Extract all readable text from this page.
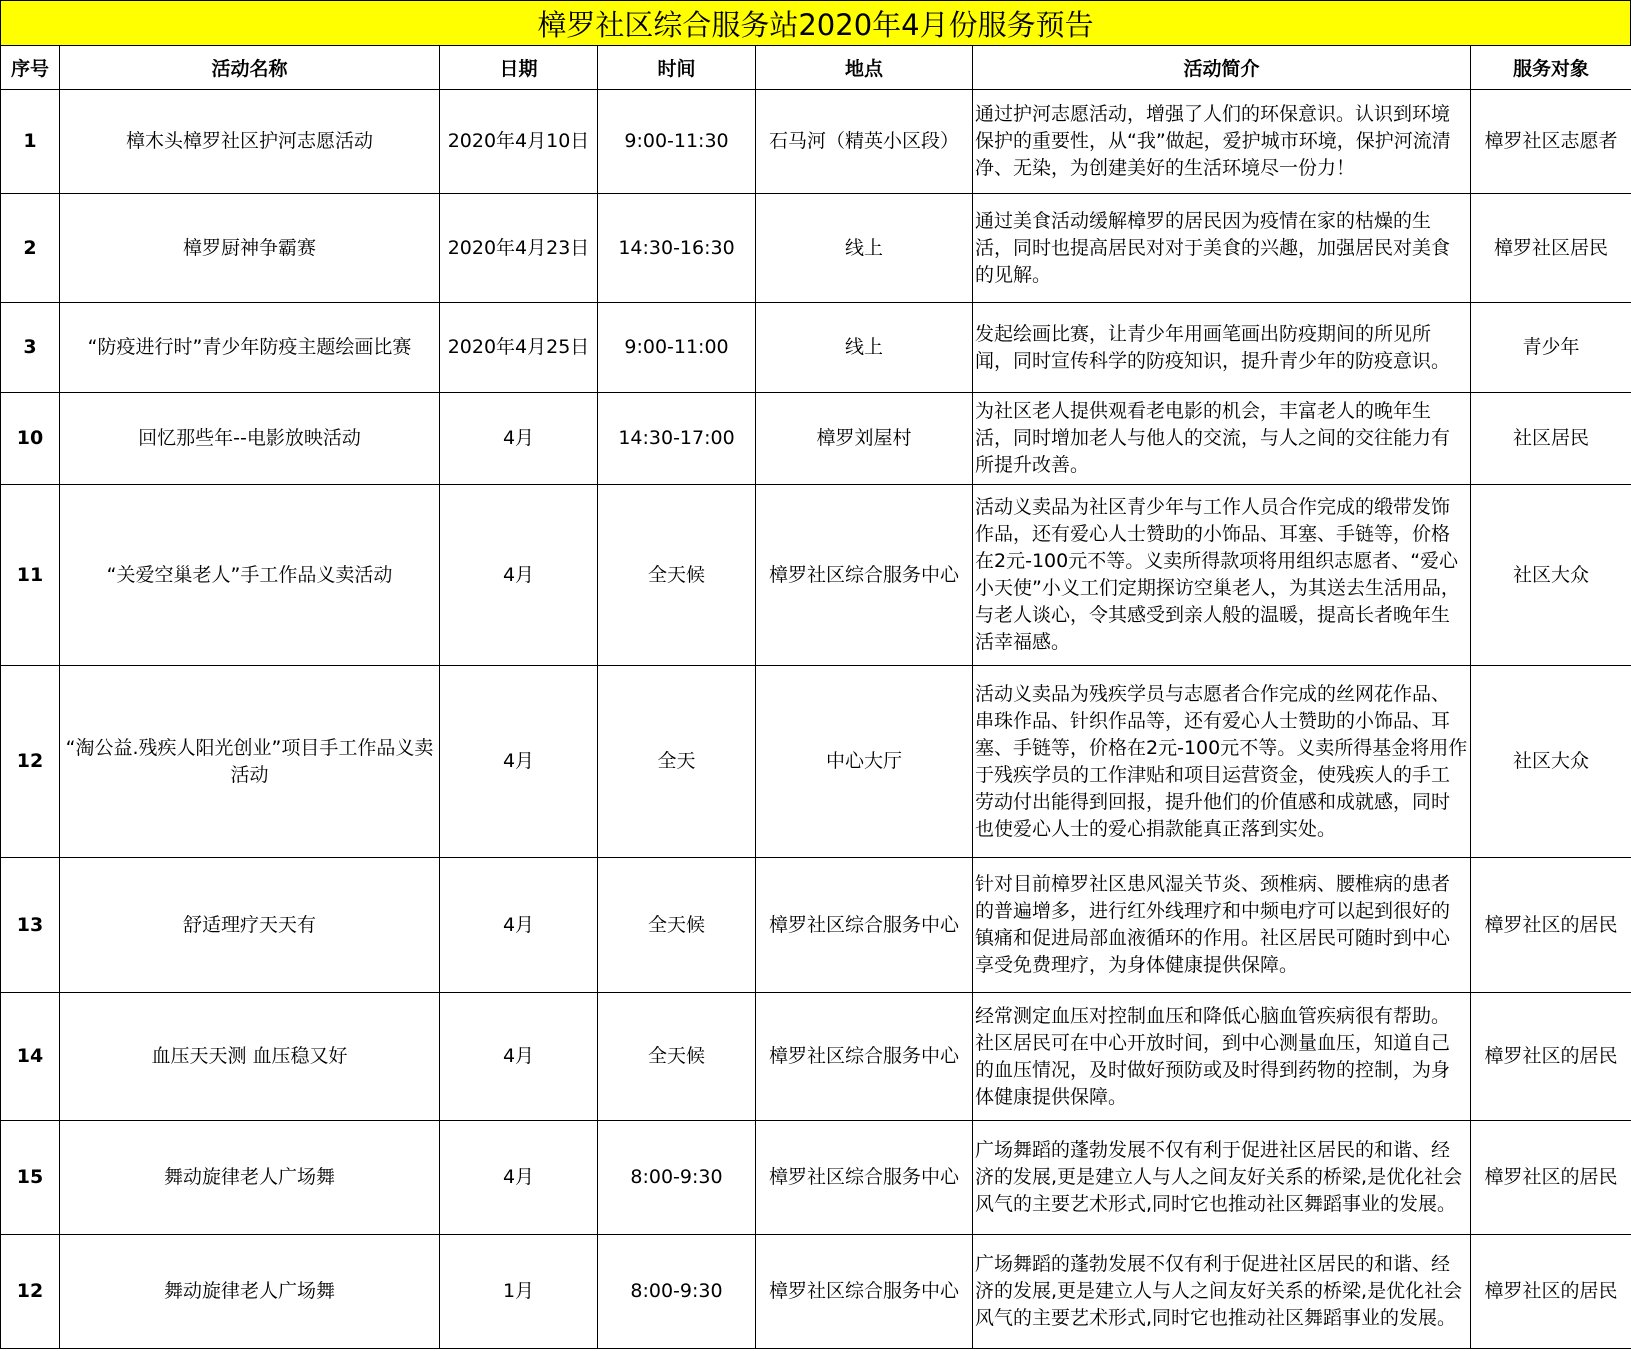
樟罗社区综合服务站2020年4月份服务预告
序号	活动名称	日期	时间	地点	活动简介	服务对象
1	樟木头樟罗社区护河志愿活动	2020年4月10日	9:00-11:30	石马河（精英小区段）	通过护河志愿活动，增强了人们的环保意识。认识到环境保护的重要性，从“我”做起，爱护城市环境，保护河流清净、无染，为创建美好的生活环境尽一份力！	樟罗社区志愿者
2	樟罗厨神争霸赛	2020年4月23日	14:30-16:30	线上	通过美食活动缓解樟罗的居民因为疫情在家的枯燥的生活，同时也提高居民对对于美食的兴趣，加强居民对美食的见解。	樟罗社区居民
3	“防疫进行时”青少年防疫主题绘画比赛	2020年4月25日	9:00-11:00	线上	发起绘画比赛，让青少年用画笔画出防疫期间的所见所闻，同时宣传科学的防疫知识，提升青少年的防疫意识。	青少年
10	回忆那些年--电影放映活动	4月	14:30-17:00	樟罗刘屋村	为社区老人提供观看老电影的机会，丰富老人的晚年生活，同时增加老人与他人的交流，与人之间的交往能力有所提升改善。	社区居民
11	“关爱空巢老人”手工作品义卖活动	4月	全天候	樟罗社区综合服务中心	活动义卖品为社区青少年与工作人员合作完成的缎带发饰作品，还有爱心人士赞助的小饰品、耳塞、手链等，价格在2元-100元不等。义卖所得款项将用组织志愿者、“爱心小天使”小义工们定期探访空巢老人，为其送去生活用品，与老人谈心，令其感受到亲人般的温暖，提高长者晚年生活幸福感。	社区大众
12	“淘公益.残疾人阳光创业”项目手工作品义卖活动	4月	全天	中心大厅	活动义卖品为残疾学员与志愿者合作完成的丝网花作品、串珠作品、针织作品等，还有爱心人士赞助的小饰品、耳塞、手链等，价格在2元-100元不等。义卖所得基金将用作于残疾学员的工作津贴和项目运营资金，使残疾人的手工劳动付出能得到回报，提升他们的价值感和成就感，同时也使爱心人士的爱心捐款能真正落到实处。	社区大众
13	舒适理疗天天有	4月	全天候	樟罗社区综合服务中心	针对目前樟罗社区患风湿关节炎、颈椎病、腰椎病的患者的普遍增多，进行红外线理疗和中频电疗可以起到很好的镇痛和促进局部血液循环的作用。社区居民可随时到中心享受免费理疗，为身体健康提供保障。	樟罗社区的居民
14	血压天天测 血压稳又好	4月	全天候	樟罗社区综合服务中心	经常测定血压对控制血压和降低心脑血管疾病很有帮助。社区居民可在中心开放时间，到中心测量血压，知道自己的血压情况，及时做好预防或及时得到药物的控制，为身体健康提供保障。	樟罗社区的居民
15	舞动旋律老人广场舞	4月	8:00-9:30	樟罗社区综合服务中心	广场舞蹈的蓬勃发展不仅有利于促进社区居民的和谐、经济的发展,更是建立人与人之间友好关系的桥梁,是优化社会风气的主要艺术形式,同时它也推动社区舞蹈事业的发展。	樟罗社区的居民
12	舞动旋律老人广场舞	1月	8:00-9:30	樟罗社区综合服务中心	广场舞蹈的蓬勃发展不仅有利于促进社区居民的和谐、经济的发展,更是建立人与人之间友好关系的桥梁,是优化社会风气的主要艺术形式,同时它也推动社区舞蹈事业的发展。	樟罗社区的居民
